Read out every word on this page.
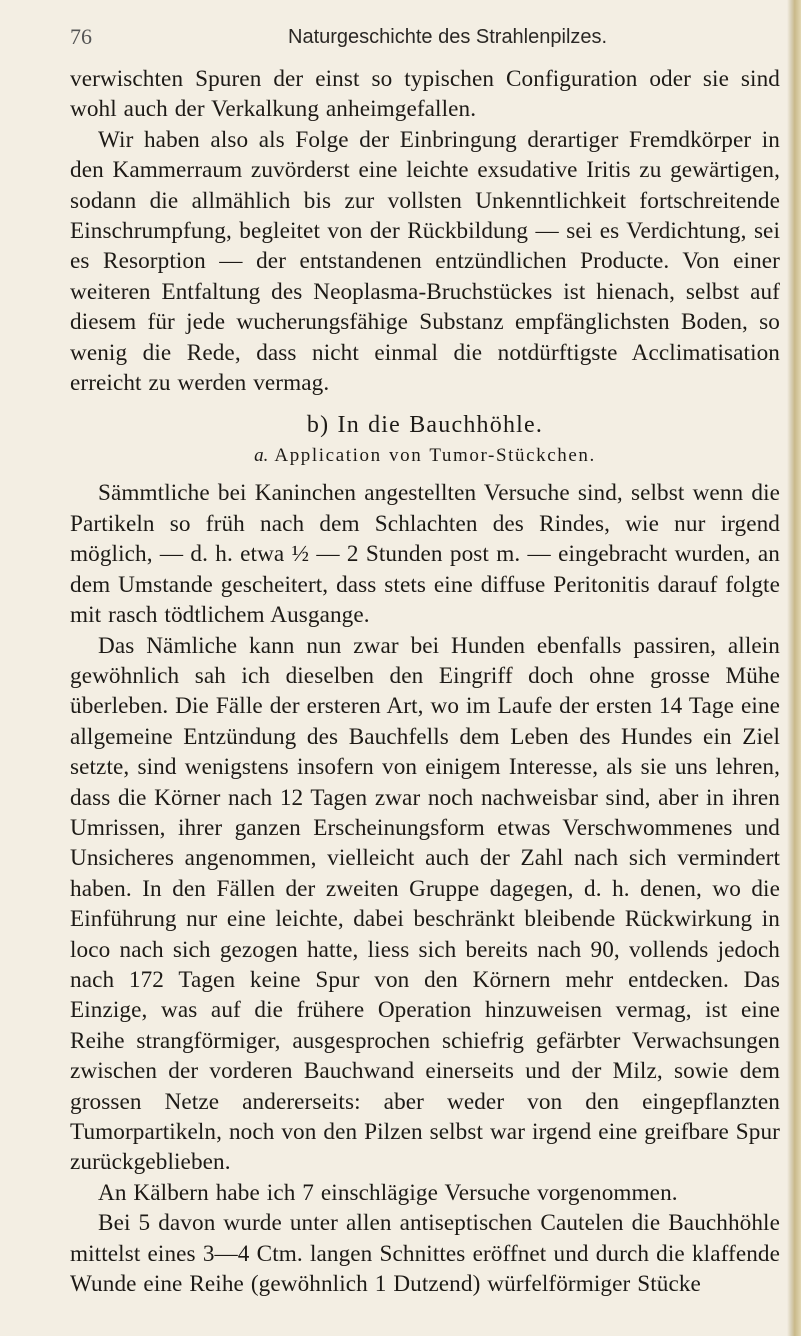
76	Naturgeschichte des Strahlenpilzes.

verwischten Spuren der einst so typischen Configuration oder sie sind wohl auch der Verkalkung anheimgefallen.

Wir haben also als Folge der Einbringung derartiger Fremdkörper in den Kammerraum zuvörderst eine leichte exsudative Iritis zu gewärtigen, sodann die allmählich bis zur vollsten Unkenntlichkeit fortschreitende Einschrumpfung, begleitet von der Rückbildung — sei es Verdichtung, sei es Resorption — der entstandenen entzündlichen Producte. Von einer weiteren Entfaltung des Neoplasma-Bruchstückes ist hienach, selbst auf diesem für jede wucherungsfähige Substanz empfänglichsten Boden, so wenig die Rede, dass nicht einmal die notdürftigste Acclimatisation erreicht zu werden vermag.

b) In die Bauchhöhle.
a. Application von Tumor-Stückchen.

Sämmtliche bei Kaninchen angestellten Versuche sind, selbst wenn die Partikeln so früh nach dem Schlachten des Rindes, wie nur irgend möglich, — d. h. etwa ½ — 2 Stunden post m. — eingebracht wurden, an dem Umstande gescheitert, dass stets eine diffuse Peritonitis darauf folgte mit rasch tödtlichem Ausgange.

Das Nämliche kann nun zwar bei Hunden ebenfalls passiren, allein gewöhnlich sah ich dieselben den Eingriff doch ohne grosse Mühe überleben. Die Fälle der ersteren Art, wo im Laufe der ersten 14 Tage eine allgemeine Entzündung des Bauchfells dem Leben des Hundes ein Ziel setzte, sind wenigstens insofern von einigem Interesse, als sie uns lehren, dass die Körner nach 12 Tagen zwar noch nachweisbar sind, aber in ihren Umrissen, ihrer ganzen Erscheinungsform etwas Verschwommenes und Unsicheres angenommen, vielleicht auch der Zahl nach sich vermindert haben. In den Fällen der zweiten Gruppe dagegen, d. h. denen, wo die Einführung nur eine leichte, dabei beschränkt bleibende Rückwirkung in loco nach sich gezogen hatte, liess sich bereits nach 90, vollends jedoch nach 172 Tagen keine Spur von den Körnern mehr entdecken. Das Einzige, was auf die frühere Operation hinzuweisen vermag, ist eine Reihe strangförmiger, ausgesprochen schiefrig gefärbter Verwachsungen zwischen der vorderen Bauchwand einerseits und der Milz, sowie dem grossen Netze andererseits: aber weder von den eingepflanzten Tumorpartikeln, noch von den Pilzen selbst war irgend eine greifbare Spur zurückgeblieben.

An Kälbern habe ich 7 einschlägige Versuche vorgenommen.

Bei 5 davon wurde unter allen antiseptischen Cautelen die Bauchhöhle mittelst eines 3—4 Ctm. langen Schnittes eröffnet und durch die klaffende Wunde eine Reihe (gewöhnlich 1 Dutzend) würfelförmiger Stücke
